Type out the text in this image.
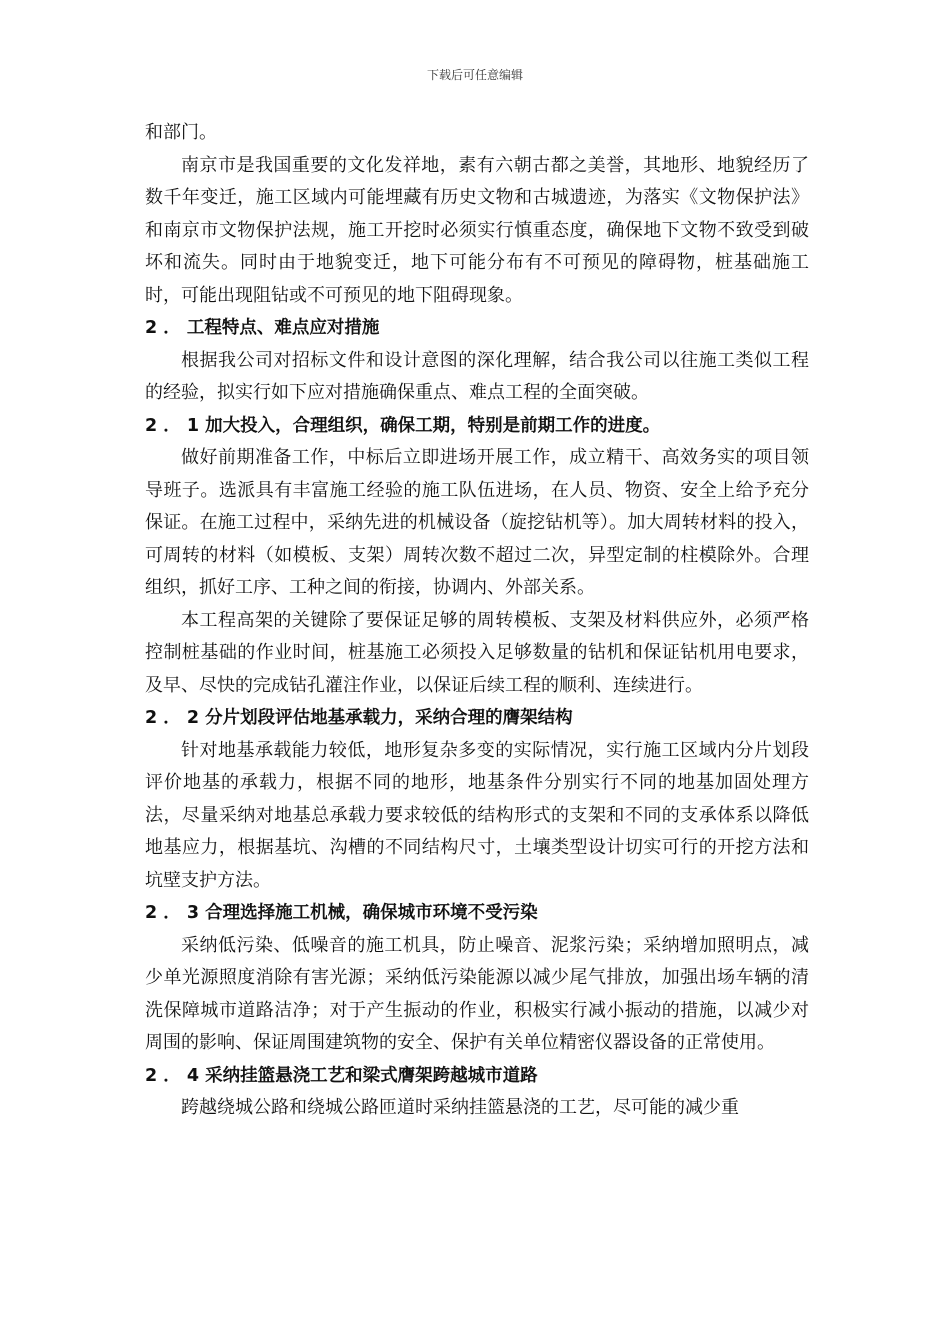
下载后可任意编辑

和部门。

南京市是我国重要的文化发祥地，素有六朝古都之美誉，其地形、地貌经历了数千年变迁，施工区域内可能埋藏有历史文物和古城遗迹，为落实《文物保护法》和南京市文物保护法规，施工开挖时必须实行慎重态度，确保地下文物不致受到破坏和流失。同时由于地貌变迁，地下可能分布有不可预见的障碍物，桩基础施工时，可能出现阻钻或不可预见的地下阻碍现象。

2 ． 工程特点、难点应对措施

根据我公司对招标文件和设计意图的深化理解，结合我公司以往施工类似工程的经验，拟实行如下应对措施确保重点、难点工程的全面突破。

2 ． 1 加大投入，合理组织，确保工期，特别是前期工作的进度。

做好前期准备工作，中标后立即进场开展工作，成立精干、高效务实的项目领导班子。选派具有丰富施工经验的施工队伍进场，在人员、物资、安全上给予充分保证。在施工过程中，采纳先进的机械设备（旋挖钻机等）。加大周转材料的投入，可周转的材料（如模板、支架）周转次数不超过二次，异型定制的柱模除外。合理组织，抓好工序、工种之间的衔接，协调内、外部关系。

本工程高架的关键除了要保证足够的周转模板、支架及材料供应外，必须严格控制桩基础的作业时间，桩基施工必须投入足够数量的钻机和保证钻机用电要求，及早、尽快的完成钻孔灌注作业，以保证后续工程的顺利、连续进行。

2 ． 2 分片划段评估地基承载力，采纳合理的膺架结构

针对地基承载能力较低，地形复杂多变的实际情况，实行施工区域内分片划段评价地基的承载力，根据不同的地形，地基条件分别实行不同的地基加固处理方法，尽量采纳对地基总承载力要求较低的结构形式的支架和不同的支承体系以降低地基应力，根据基坑、沟槽的不同结构尺寸，土壤类型设计切实可行的开挖方法和坑壁支护方法。

2 ． 3 合理选择施工机械，确保城市环境不受污染

采纳低污染、低噪音的施工机具，防止噪音、泥浆污染；采纳增加照明点，减少单光源照度消除有害光源；采纳低污染能源以减少尾气排放，加强出场车辆的清洗保障城市道路洁净；对于产生振动的作业，积极实行减小振动的措施，以减少对周围的影响、保证周围建筑物的安全、保护有关单位精密仪器设备的正常使用。

2 ． 4 采纳挂篮悬浇工艺和梁式膺架跨越城市道路

跨越绕城公路和绕城公路匝道时采纳挂篮悬浇的工艺，尽可能的减少重
